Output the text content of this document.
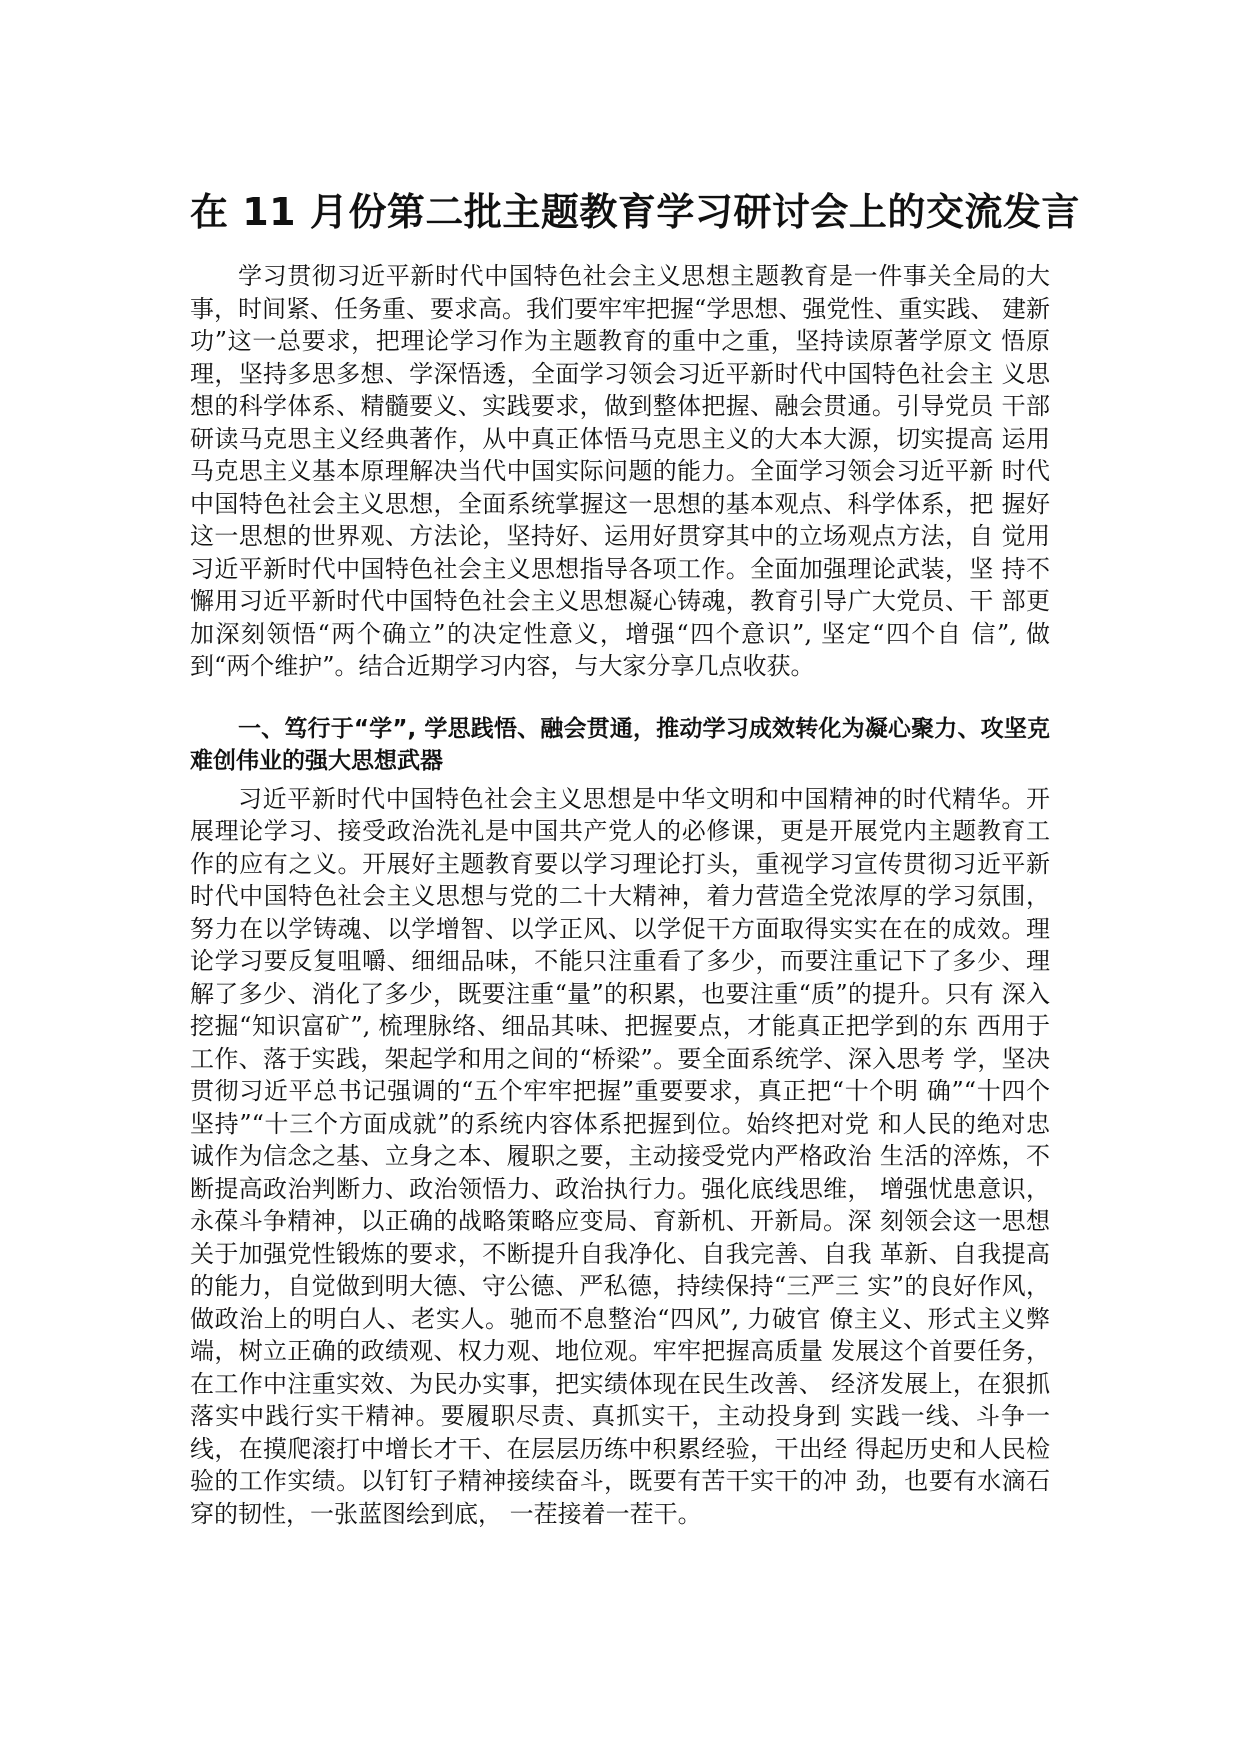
在 11 月份第二批主题教育学习研讨会上的交流发言

学习贯彻习近平新时代中国特色社会主义思想主题教育是一件事关全局的大事，时间紧、任务重、要求高。我们要牢牢把握“学思想、强党性、重实践、 建新功”这一总要求，把理论学习作为主题教育的重中之重，坚持读原著学原文 悟原理，坚持多思多想、学深悟透，全面学习领会习近平新时代中国特色社会主 义思想的科学体系、精髓要义、实践要求，做到整体把握、融会贯通。引导党员 干部研读马克思主义经典著作，从中真正体悟马克思主义的大本大源，切实提高 运用马克思主义基本原理解决当代中国实际问题的能力。全面学习领会习近平新 时代中国特色社会主义思想，全面系统掌握这一思想的基本观点、科学体系，把 握好这一思想的世界观、方法论，坚持好、运用好贯穿其中的立场观点方法，自 觉用习近平新时代中国特色社会主义思想指导各项工作。全面加强理论武装，坚 持不懈用习近平新时代中国特色社会主义思想凝心铸魂，教育引导广大党员、干 部更加深刻领悟“两个确立”的决定性意义，增强“四个意识”, 坚定“四个自 信”, 做到“两个维护”。结合近期学习内容，与大家分享几点收获。

一、笃行于“学”, 学思践悟、融会贯通，推动学习成效转化为凝心聚力、攻坚克难创伟业的强大思想武器

习近平新时代中国特色社会主义思想是中华文明和中国精神的时代精华。开展理论学习、接受政治洗礼是中国共产党人的必修课，更是开展党内主题教育工作的应有之义。开展好主题教育要以学习理论打头，重视学习宣传贯彻习近平新时代中国特色社会主义思想与党的二十大精神，着力营造全党浓厚的学习氛围， 努力在以学铸魂、以学增智、以学正风、以学促干方面取得实实在在的成效。理 论学习要反复咀嚼、细细品味，不能只注重看了多少，而要注重记下了多少、理 解了多少、消化了多少，既要注重“量”的积累，也要注重“质”的提升。只有 深入挖掘“知识富矿”, 梳理脉络、细品其味、把握要点，才能真正把学到的东 西用于工作、落于实践，架起学和用之间的“桥梁”。要全面系统学、深入思考 学，坚决贯彻习近平总书记强调的“五个牢牢把握”重要要求，真正把“十个明 确”“十四个坚持”“十三个方面成就”的系统内容体系把握到位。始终把对党 和人民的绝对忠诚作为信念之基、立身之本、履职之要，主动接受党内严格政治 生活的淬炼，不断提高政治判断力、政治领悟力、政治执行力。强化底线思维， 增强忧患意识，永葆斗争精神，以正确的战略策略应变局、育新机、开新局。深 刻领会这一思想关于加强党性锻炼的要求，不断提升自我净化、自我完善、自我 革新、自我提高的能力，自觉做到明大德、守公德、严私德，持续保持“三严三 实”的良好作风，做政治上的明白人、老实人。驰而不息整治“四风”, 力破官 僚主义、形式主义弊端，树立正确的政绩观、权力观、地位观。牢牢把握高质量 发展这个首要任务，在工作中注重实效、为民办实事，把实绩体现在民生改善、 经济发展上，在狠抓落实中践行实干精神。要履职尽责、真抓实干，主动投身到 实践一线、斗争一线，在摸爬滚打中增长才干、在层层历练中积累经验，干出经 得起历史和人民检验的工作实绩。以钉钉子精神接续奋斗，既要有苦干实干的冲 劲，也要有水滴石穿的韧性，一张蓝图绘到底， 一茬接着一茬干。
